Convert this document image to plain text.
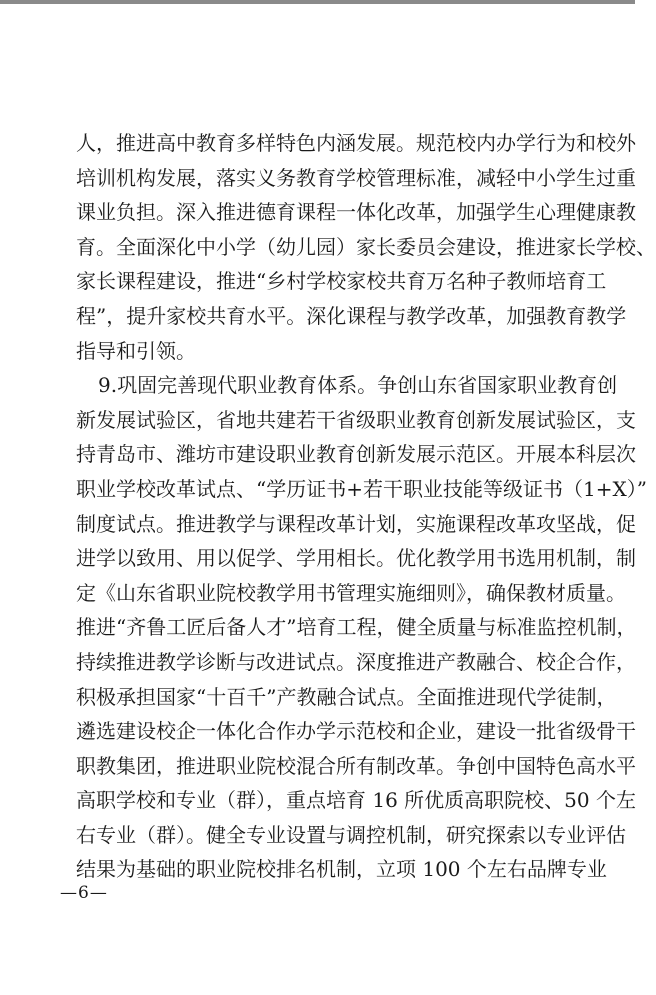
人，推进高中教育多样特色内涵发展。规范校内办学行为和校外
培训机构发展，落实义务教育学校管理标准，减轻中小学生过重
课业负担。深入推进德育课程一体化改革，加强学生心理健康教
育。全面深化中小学（幼儿园）家长委员会建设，推进家长学校、
家长课程建设，推进“乡村学校家校共育万名种子教师培育工
程”，提升家校共育水平。深化课程与教学改革，加强教育教学
指导和引领。
9.巩固完善现代职业教育体系。争创山东省国家职业教育创
新发展试验区，省地共建若干省级职业教育创新发展试验区，支
持青岛市、潍坊市建设职业教育创新发展示范区。开展本科层次
职业学校改革试点、“学历证书+若干职业技能等级证书（1+X）”
制度试点。推进教学与课程改革计划，实施课程改革攻坚战，促
进学以致用、用以促学、学用相长。优化教学用书选用机制，制
定《山东省职业院校教学用书管理实施细则》，确保教材质量。
推进“齐鲁工匠后备人才”培育工程，健全质量与标准监控机制，
持续推进教学诊断与改进试点。深度推进产教融合、校企合作，
积极承担国家“十百千”产教融合试点。全面推进现代学徒制，
遴选建设校企一体化合作办学示范校和企业，建设一批省级骨干
职教集团，推进职业院校混合所有制改革。争创中国特色高水平
高职学校和专业（群），重点培育 16 所优质高职院校、50 个左
右专业（群）。健全专业设置与调控机制，研究探索以专业评估
结果为基础的职业院校排名机制，立项 100 个左右品牌专业
—6—
